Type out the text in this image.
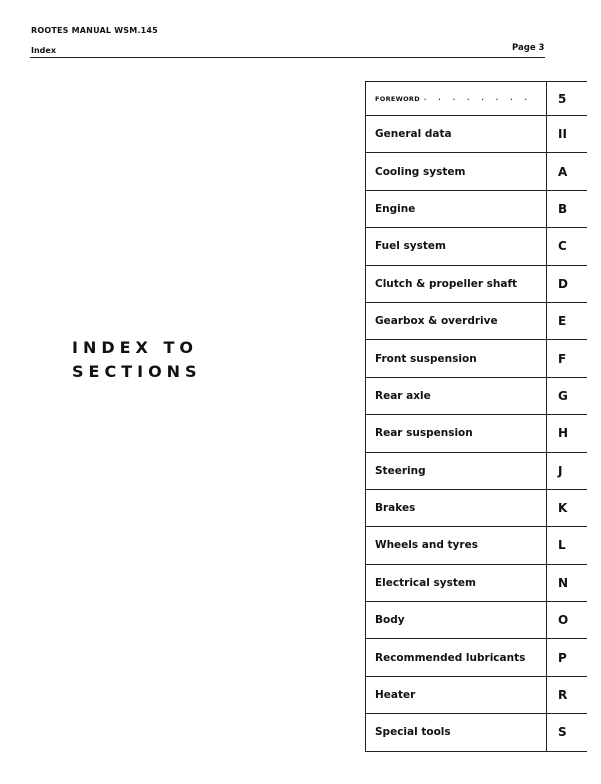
ROOTES MANUAL WSM.145
Index	Page 3
INDEX TO
SECTIONS
FOREWORD . . . . . . . . 5
General data	II
Cooling system	A
Engine	B
Fuel system	C
Clutch & propeller shaft	D
Gearbox & overdrive	E
Front suspension	F
Rear axle	G
Rear suspension	H
Steering	J
Brakes	K
Wheels and tyres	L
Electrical system	N
Body	O
Recommended lubricants	P
Heater	R
Special tools	S
